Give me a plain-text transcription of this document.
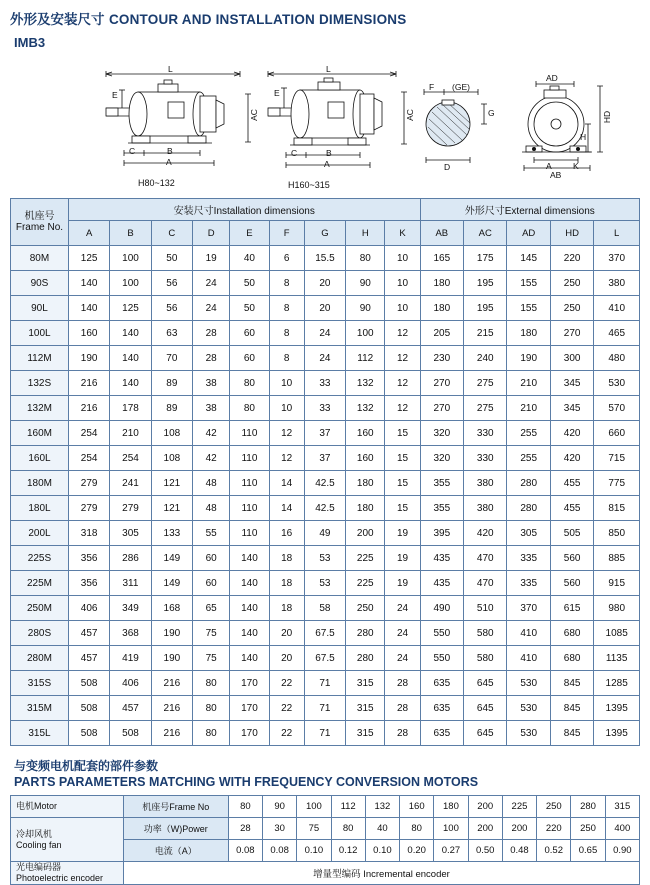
外形及安装尺寸 CONTOUR AND INSTALLATION DIMENSIONS
IMB3
L
E
AC
C	B
A
H80~132
L
E
AC
C	B
A
H160~315
F (GE)
G
D
AD
HD
H
A	K
AB
机座号
Frame No.	安装尺寸Installation dimensions									外形尺寸External dimensions				
	A	B	C	D	E	F	G	H	K	AB	AC	AD	HD	L
80M	125	100	50	19	40	6	15.5	80	10	165	175	145	220	370
90S	140	100	56	24	50	8	20	90	10	180	195	155	250	380
90L	140	125	56	24	50	8	20	90	10	180	195	155	250	410
100L	160	140	63	28	60	8	24	100	12	205	215	180	270	465
112M	190	140	70	28	60	8	24	112	12	230	240	190	300	480
132S	216	140	89	38	80	10	33	132	12	270	275	210	345	530
132M	216	178	89	38	80	10	33	132	12	270	275	210	345	570
160M	254	210	108	42	110	12	37	160	15	320	330	255	420	660
160L	254	254	108	42	110	12	37	160	15	320	330	255	420	715
180M	279	241	121	48	110	14	42.5	180	15	355	380	280	455	775
180L	279	279	121	48	110	14	42.5	180	15	355	380	280	455	815
200L	318	305	133	55	110	16	49	200	19	395	420	305	505	850
225S	356	286	149	60	140	18	53	225	19	435	470	335	560	885
225M	356	311	149	60	140	18	53	225	19	435	470	335	560	915
250M	406	349	168	65	140	18	58	250	24	490	510	370	615	980
280S	457	368	190	75	140	20	67.5	280	24	550	580	410	680	1085
280M	457	419	190	75	140	20	67.5	280	24	550	580	410	680	1135
315S	508	406	216	80	170	22	71	315	28	635	645	530	845	1285
315M	508	457	216	80	170	22	71	315	28	635	645	530	845	1395
315L	508	508	216	80	170	22	71	315	28	635	645	530	845	1395
与变频电机配套的部件参数
PARTS PARAMETERS MATCHING WITH FREQUENCY CONVERSION MOTORS
电机Motor	机座号Frame No	80	90	100	112	132	160	180	200	225	250	280	315

冷却风机
Cooling fan	功率（W)Power	28	30	75	80	40	80	100	200	200	220	250	400
	电流（A）	0.08	0.08	0.10	0.12	0.10	0.20	0.27	0.50	0.48	0.52	0.65	0.90

光电编码器
Photoelectric encoder	增量型编码 Incremental encoder												
